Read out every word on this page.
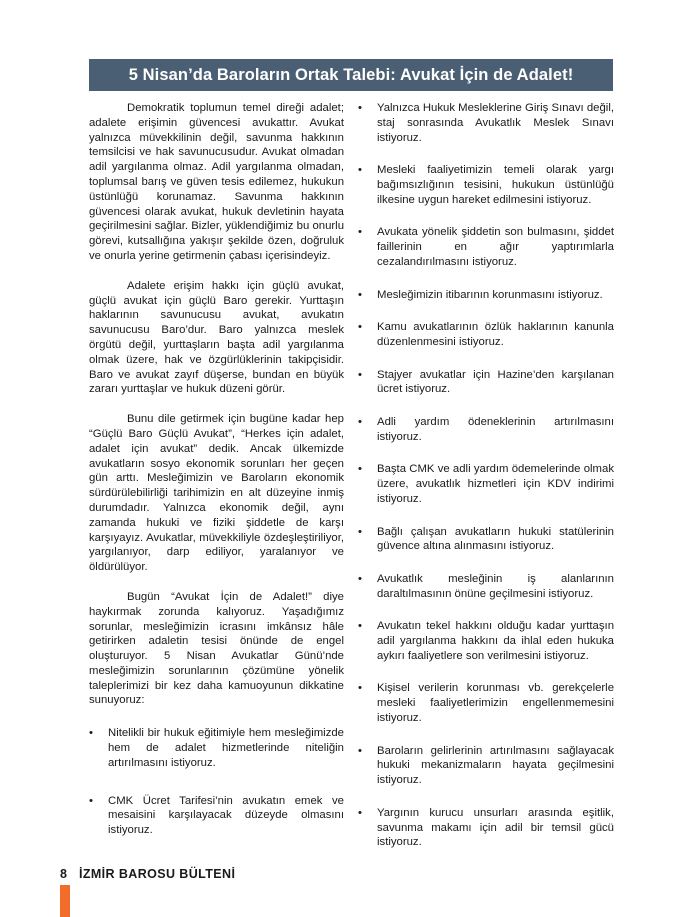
5 Nisan’da Baroların Ortak Talebi: Avukat İçin de Adalet!

Demokratik toplumun temel direği adalet; adalete erişimin güvencesi avukattır. Avukat yalnızca müvekkilinin değil, savunma hakkının temsilcisi ve hak savunucusudur. Avukat olmadan adil yargılanma olmaz. Adil yargılanma olmadan, toplumsal barış ve güven tesis edilemez, hukukun üstünlüğü korunamaz. Savunma hakkının güvencesi olarak avukat, hukuk devletinin hayata geçirilmesini sağlar. Bizler, yüklendiğimiz bu onurlu görevi, kutsallığına yakışır şekilde özen, doğruluk ve onurla yerine getirmenin çabası içerisindeyiz.

Adalete erişim hakkı için güçlü avukat, güçlü avukat için güçlü Baro gerekir. Yurttaşın haklarının savunucusu avukat, avukatın savunucusu Baro’dur. Baro yalnızca meslek örgütü değil, yurttaşların başta adil yargılanma olmak üzere, hak ve özgürlüklerinin takipçisidir. Baro ve avukat zayıf düşerse, bundan en büyük zararı yurttaşlar ve hukuk düzeni görür.

Bunu dile getirmek için bugüne kadar hep “Güçlü Baro Güçlü Avukat”, “Herkes için adalet, adalet için avukat” dedik. Ancak ülkemizde avukatların sosyo ekonomik sorunları her geçen gün arttı. Mesleğimizin ve Baroların ekonomik sürdürülebilirliği tarihimizin en alt düzeyine inmiş durumdadır. Yalnızca ekonomik değil, aynı zamanda hukuki ve fiziki şiddetle de karşı karşıyayız. Avukatlar, müvekkiliyle özdeşleştiriliyor, yargılanıyor, darp ediliyor, yaralanıyor ve öldürülüyor.

Bugün “Avukat İçin de Adalet!” diye haykırmak zorunda kalıyoruz. Yaşadığımız sorunlar, mesleğimizin icrasını imkânsız hâle getirirken adaletin tesisi önünde de engel oluşturuyor. 5 Nisan Avukatlar Günü’nde mesleğimizin sorunlarının çözümüne yönelik taleplerimizi bir kez daha kamuoyunun dikkatine sunuyoruz:

• Nitelikli bir hukuk eğitimiyle hem mesleğimizde hem de adalet hizmetlerinde niteliğin artırılmasını istiyoruz.
• CMK Ücret Tarifesi’nin avukatın emek ve mesaisini karşılayacak düzeyde olmasını istiyoruz.
• Yalnızca Hukuk Mesleklerine Giriş Sınavı değil, staj sonrasında Avukatlık Meslek Sınavı istiyoruz.
• Mesleki faaliyetimizin temeli olarak yargı bağımsızlığının tesisini, hukukun üstünlüğü ilkesine uygun hareket edilmesini istiyoruz.
• Avukata yönelik şiddetin son bulmasını, şiddet faillerinin en ağır yaptırımlarla cezalandırılmasını istiyoruz.
• Mesleğimizin itibarının korunmasını istiyoruz.
• Kamu avukatlarının özlük haklarının kanunla düzenlenmesini istiyoruz.
• Stajyer avukatlar için Hazine’den karşılanan ücret istiyoruz.
• Adli yardım ödeneklerinin artırılmasını istiyoruz.
• Başta CMK ve adli yardım ödemelerinde olmak üzere, avukatlık hizmetleri için KDV indirimi istiyoruz.
• Bağlı çalışan avukatların hukuki statülerinin güvence altına alınmasını istiyoruz.
• Avukatlık mesleğinin iş alanlarının daraltılmasının önüne geçilmesini istiyoruz.
• Avukatın tekel hakkını olduğu kadar yurttaşın adil yargılanma hakkını da ihlal eden hukuka aykırı faaliyetlere son verilmesini istiyoruz.
• Kişisel verilerin korunması vb. gerekçelerle mesleki faaliyetlerimizin engellenmemesini istiyoruz.
• Baroların gelirlerinin artırılmasını sağlayacak hukuki mekanizmaların hayata geçilmesini istiyoruz.
• Yargının kurucu unsurları arasında eşitlik, savunma makamı için adil bir temsil gücü istiyoruz.
8 İZMİR BAROSU BÜLTENİ
